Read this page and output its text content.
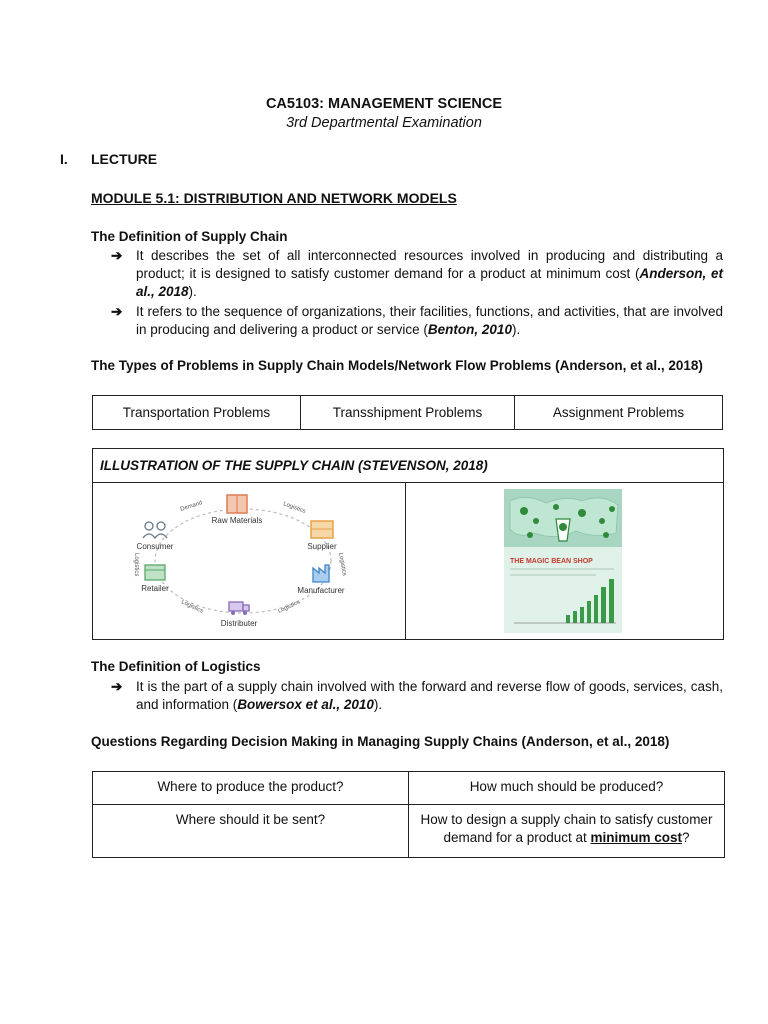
CA5103: MANAGEMENT SCIENCE
3rd Departmental Examination
I. LECTURE
MODULE 5.1: DISTRIBUTION AND NETWORK MODELS
The Definition of Supply Chain
➔ It describes the set of all interconnected resources involved in producing and distributing a product; it is designed to satisfy customer demand for a product at minimum cost (Anderson, et al., 2018).
➔ It refers to the sequence of organizations, their facilities, functions, and activities, that are involved in producing and delivering a product or service (Benton, 2010).
The Types of Problems in Supply Chain Models/Network Flow Problems (Anderson, et al., 2018)
Transportation Problems	Transshipment Problems	Assignment Problems
ILLUSTRATION OF THE SUPPLY CHAIN (STEVENSON, 2018)
Raw Materials
Supplier
Manufacturer
Distributer
Retailer
Consumer
Demand	Logistics
Logistics
Logistics
Logistics
Logistics	THE MAGIC BEAN SHOP
The Definition of Logistics
➔ It is the part of a supply chain involved with the forward and reverse flow of goods, services, cash, and information (Bowersox et al., 2010).
Questions Regarding Decision Making in Managing Supply Chains (Anderson, et al., 2018)
Where to produce the product?	How much should be produced?
Where should it be sent?	How to design a supply chain to satisfy customer demand for a product at minimum cost?
